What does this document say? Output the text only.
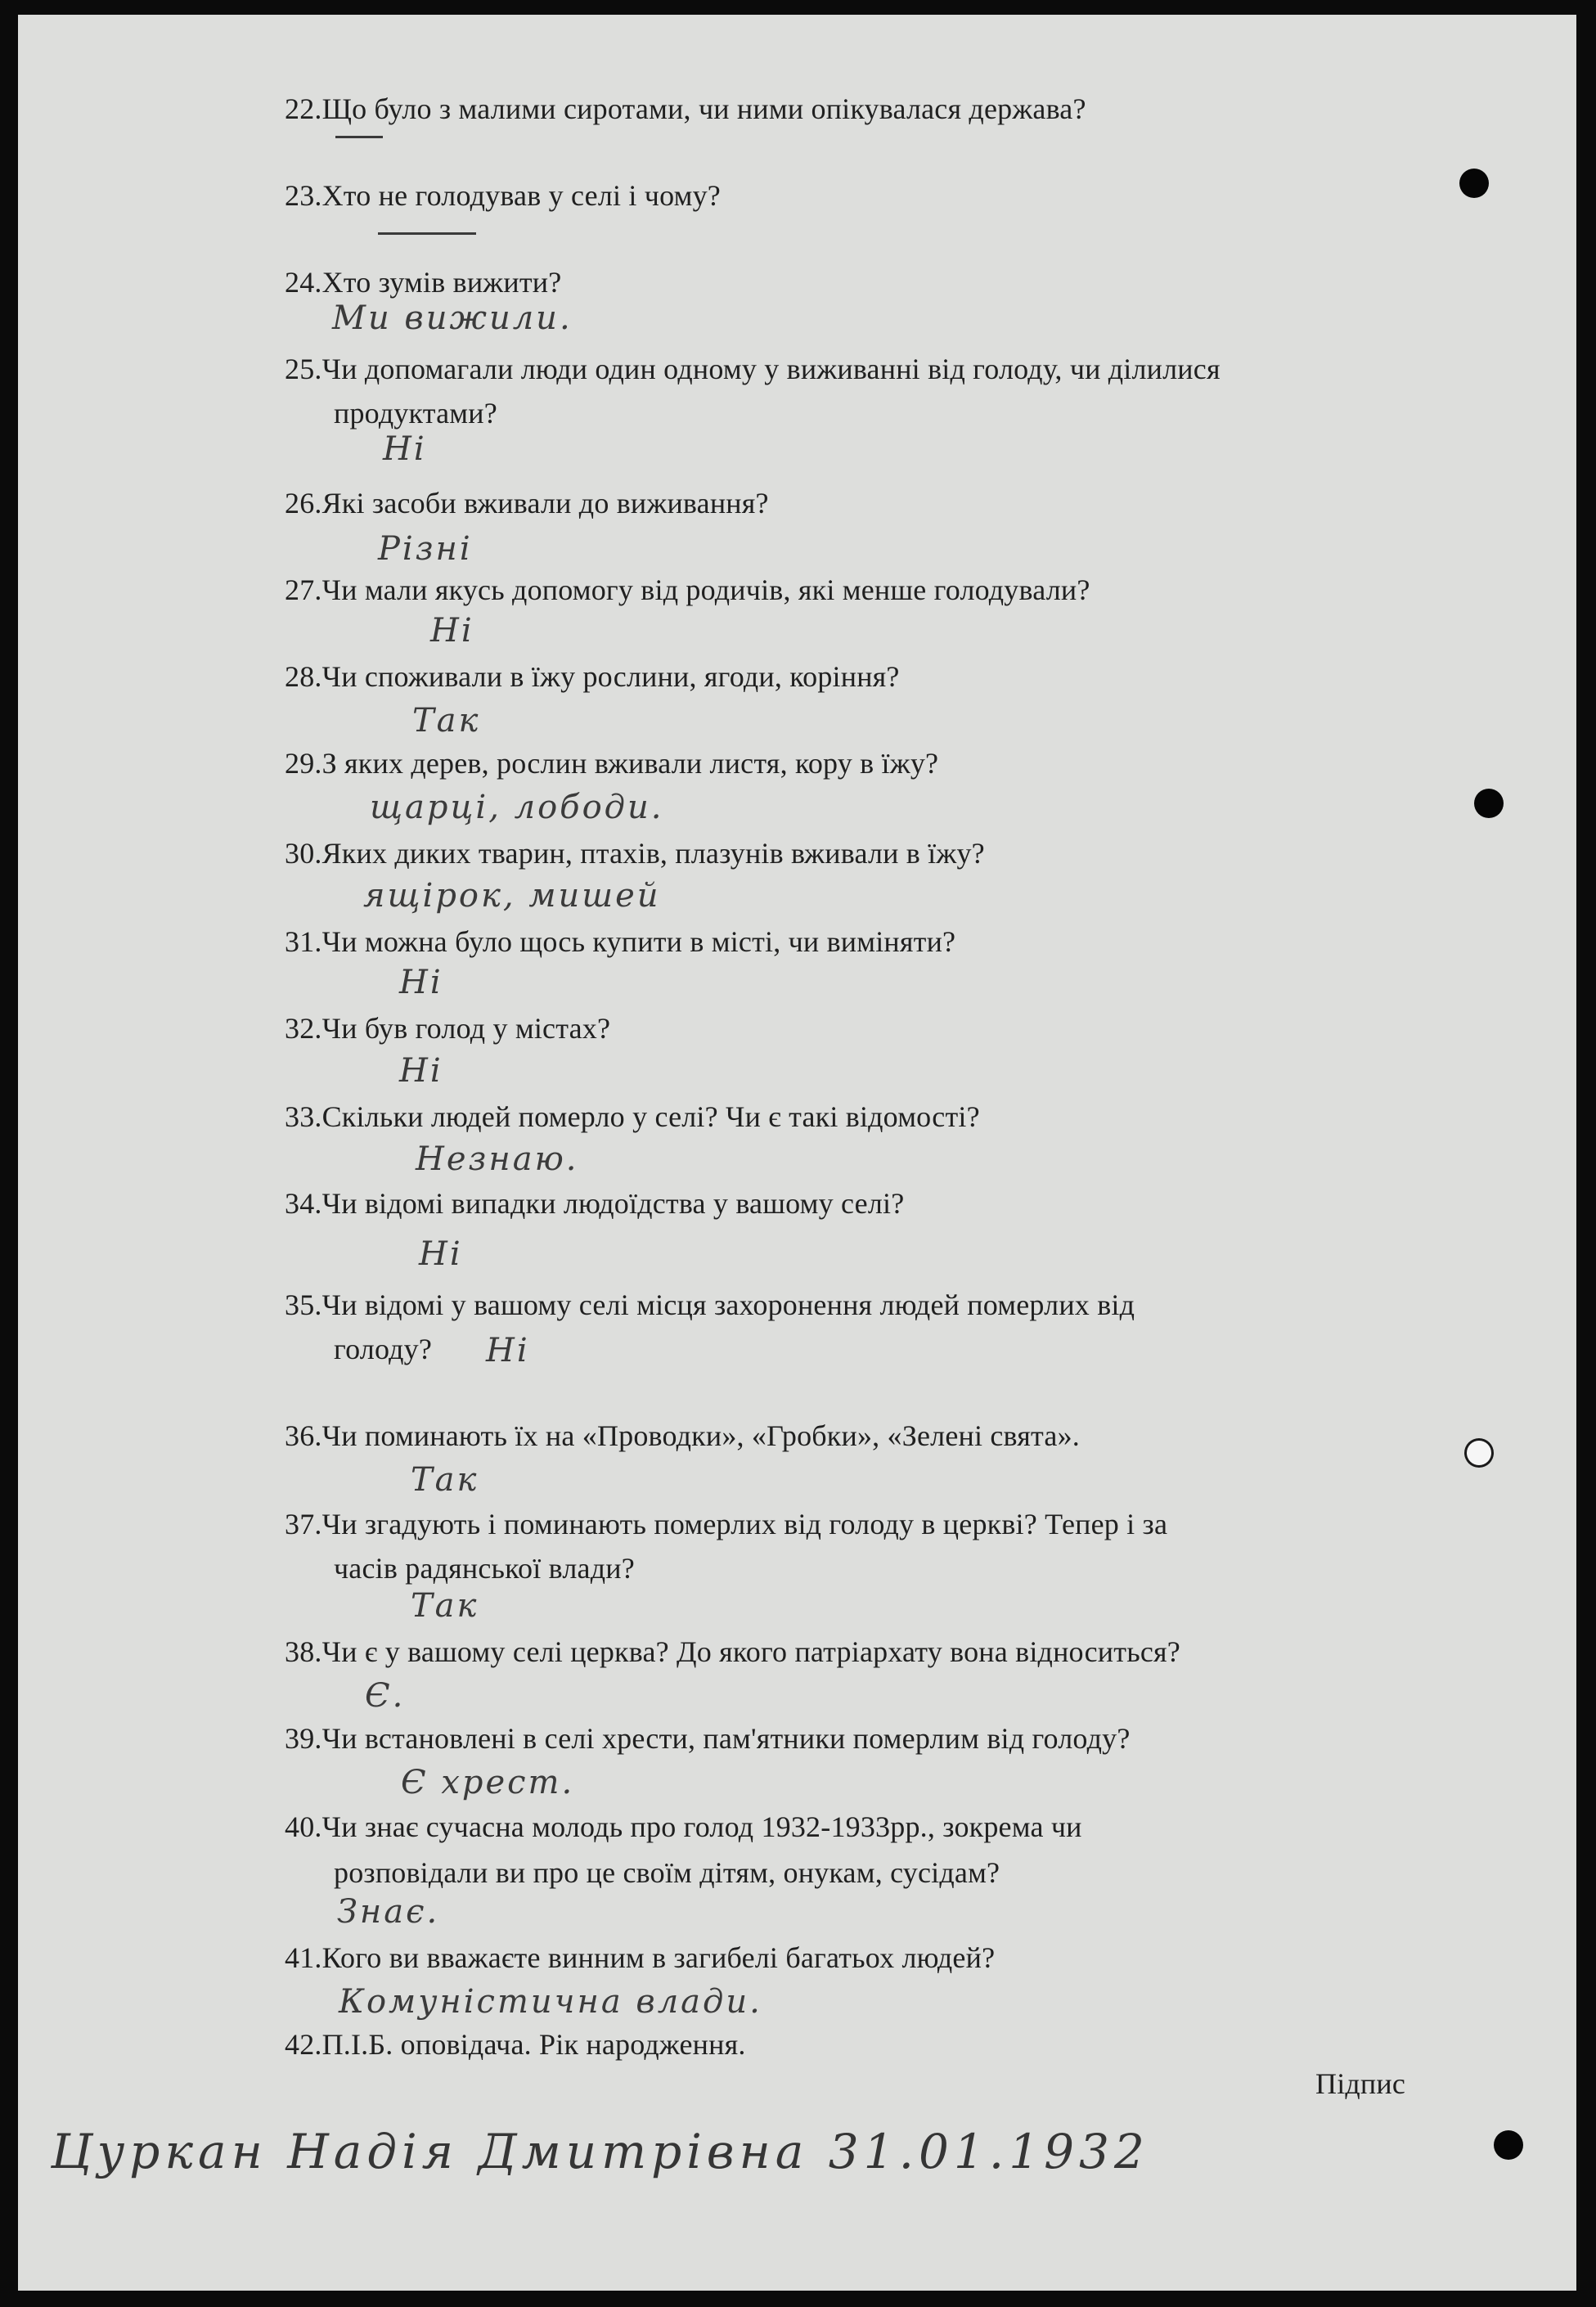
22.Що було з малими сиротами, чи ними опікувалася держава?
23.Хто не голодував у селі і чому?
24.Хто зумів вижити?
Ми вижили.
25.Чи допомагали люди один одному у виживанні від голоду, чи ділилися
продуктами?
Ні
26.Які засоби вживали до виживання?
Різні
27.Чи мали якусь допомогу від родичів, які менше голодували?
Ні
28.Чи споживали в їжу рослини, ягоди, коріння?
Так
29.З яких дерев, рослин вживали листя, кору в їжу?
щарці, лободи.
30.Яких диких тварин, птахів, плазунів вживали в їжу?
ящірок, мишей
31.Чи можна було щось купити в місті, чи виміняти?
Ні
32.Чи був голод у містах?
Ні
33.Скільки людей померло у селі? Чи є такі відомості?
Незнаю.
34.Чи відомі випадки людоїдства у вашому селі?
Ні
35.Чи відомі у вашому селі місця захоронення людей померлих від
голоду? Ні
36.Чи поминають їх на «Проводки», «Гробки», «Зелені свята».
Так
37.Чи згадують і поминають померлих від голоду в церкві? Тепер і за
часів радянської влади?
Так
38.Чи є у вашому селі церква? До якого патріархату вона відноситься?
Є.
39.Чи встановлені в селі хрести, пам'ятники померлим від голоду?
Є хрест.
40.Чи знає сучасна молодь про голод 1932-1933рр., зокрема чи
розповідали ви про це своїм дітям, онукам, сусідам?
Знає.
41.Кого ви вважаєте винним в загибелі багатьох людей?
Комуністична влади.
42.П.І.Б. оповідача. Рік народження.
Підпис
Цуркан Надія Дмитрівна 31.01.1932
